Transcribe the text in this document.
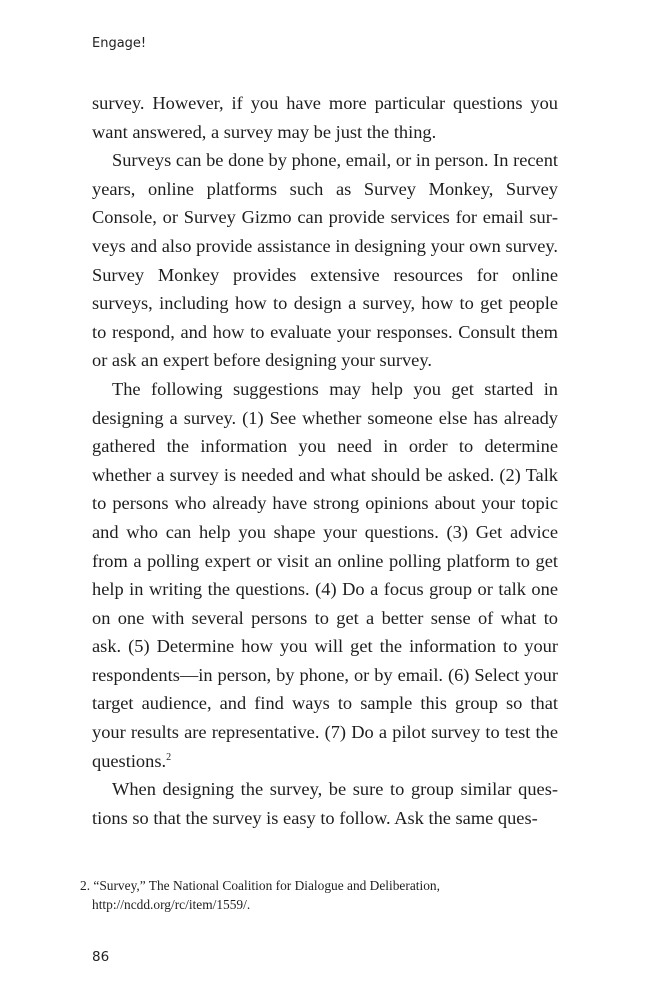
Engage!

survey. However, if you have more particular questions you want answered, a survey may be just the thing.

Surveys can be done by phone, email, or in person. In recent years, online platforms such as Survey Monkey, Survey Console, or Survey Gizmo can provide services for email surveys and also provide assistance in designing your own survey. Survey Monkey provides extensive resources for online surveys, including how to design a survey, how to get people to respond, and how to evaluate your responses. Consult them or ask an expert before designing your survey.

The following suggestions may help you get started in designing a survey. (1) See whether someone else has already gathered the information you need in order to determine whether a survey is needed and what should be asked. (2) Talk to persons who already have strong opinions about your topic and who can help you shape your questions. (3) Get advice from a polling expert or visit an online polling platform to get help in writing the questions. (4) Do a focus group or talk one on one with several persons to get a better sense of what to ask. (5) Determine how you will get the information to your respondents—in person, by phone, or by email. (6) Select your target audience, and find ways to sample this group so that your results are representative. (7) Do a pilot survey to test the questions.$^2$

When designing the survey, be sure to group similar questions so that the survey is easy to follow. Ask the same ques-

2. “Survey,” The National Coalition for Dialogue and Deliberation, http://ncdd.org/rc/item/1559/.
86
